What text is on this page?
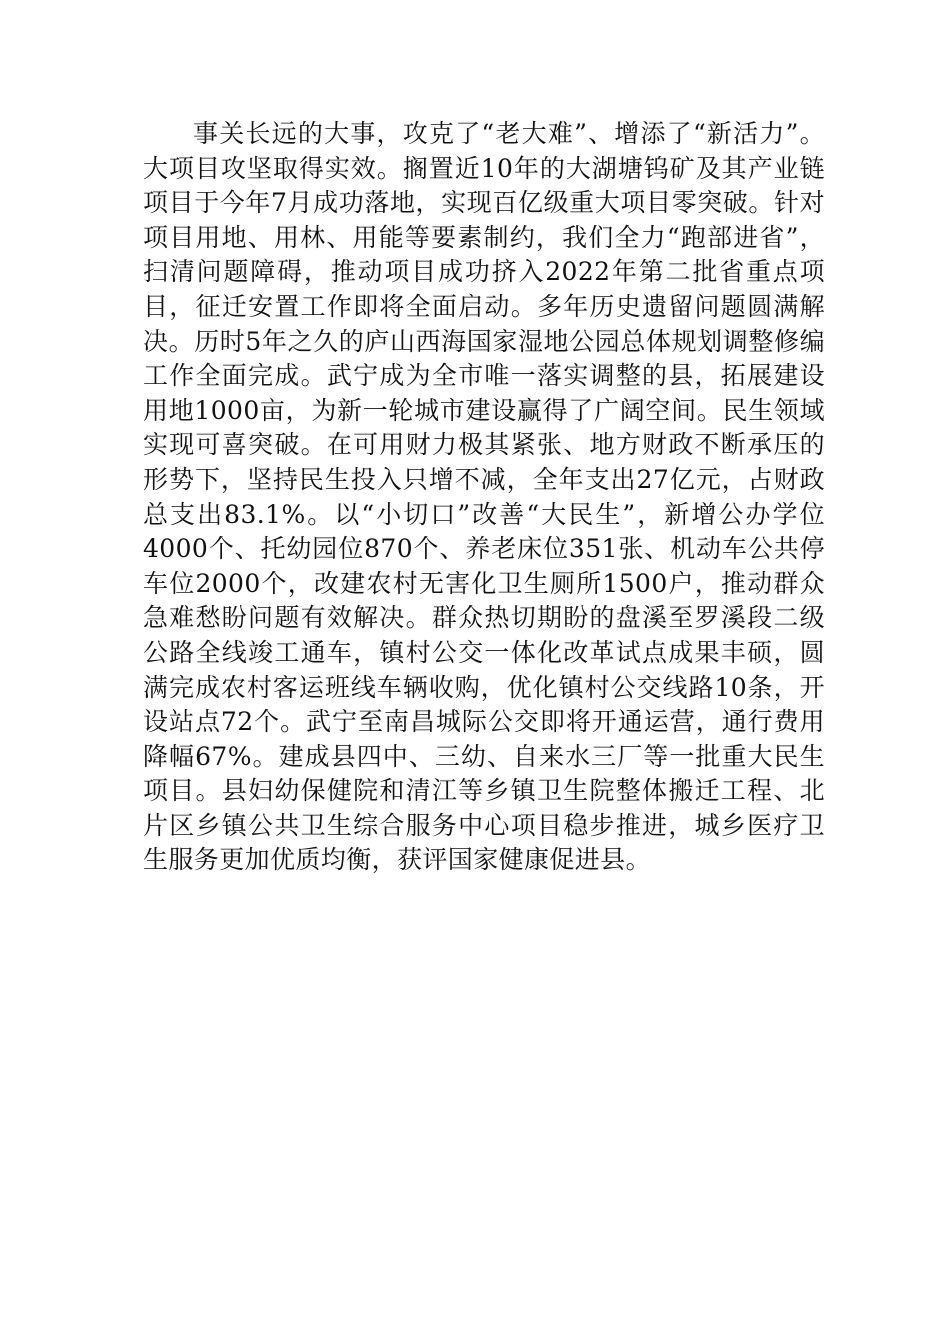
事关长远的大事，攻克了“老大难”、增添了“新活力”。大项目攻坚取得实效。搁置近10年的大湖塘钨矿及其产业链项目于今年7月成功落地，实现百亿级重大项目零突破。针对项目用地、用林、用能等要素制约，我们全力“跑部进省”，扫清问题障碍，推动项目成功挤入2022年第二批省重点项目，征迁安置工作即将全面启动。多年历史遗留问题圆满解决。历时5年之久的庐山西海国家湿地公园总体规划调整修编工作全面完成。武宁成为全市唯一落实调整的县，拓展建设用地1000亩，为新一轮城市建设赢得了广阔空间。民生领域实现可喜突破。在可用财力极其紧张、地方财政不断承压的形势下，坚持民生投入只增不减，全年支出27亿元，占财政总支出83.1%。以“小切口”改善“大民生”，新增公办学位4000个、托幼园位870个、养老床位351张、机动车公共停车位2000个，改建农村无害化卫生厕所1500户，推动群众急难愁盼问题有效解决。群众热切期盼的盘溪至罗溪段二级公路全线竣工通车，镇村公交一体化改革试点成果丰硕，圆满完成农村客运班线车辆收购，优化镇村公交线路10条，开设站点72个。武宁至南昌城际公交即将开通运营，通行费用降幅67%。建成县四中、三幼、自来水三厂等一批重大民生项目。县妇幼保健院和清江等乡镇卫生院整体搬迁工程、北片区乡镇公共卫生综合服务中心项目稳步推进，城乡医疗卫生服务更加优质均衡，获评国家健康促进县。
